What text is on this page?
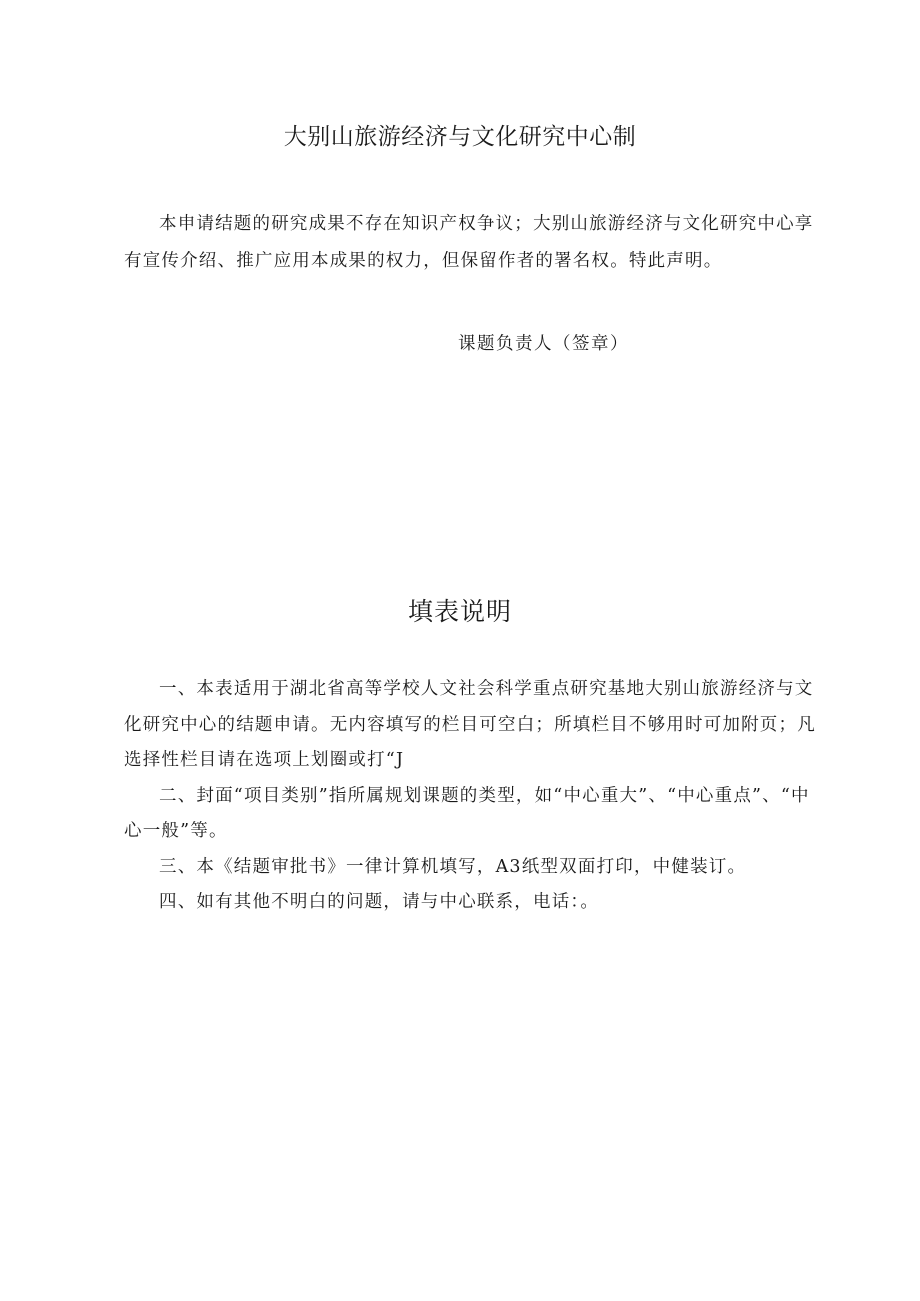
大别山旅游经济与文化研究中心制

本申请结题的研究成果不存在知识产权争议；大别山旅游经济与文化研究中心享有宣传介绍、推广应用本成果的权力，但保留作者的署名权。特此声明。

课题负责人（签章）
填表说明

一、本表适用于湖北省高等学校人文社会科学重点研究基地大别山旅游经济与文化研究中心的结题申请。无内容填写的栏目可空白；所填栏目不够用时可加附页；凡选择性栏目请在选项上划圈或打“J

二、封面“项目类别”指所属规划课题的类型，如“中心重大”、“中心重点”、“中心一般”等。

三、本《结题审批书》一律计算机填写，A3纸型双面打印，中健装订。

四、如有其他不明白的问题，请与中心联系，电话：。
